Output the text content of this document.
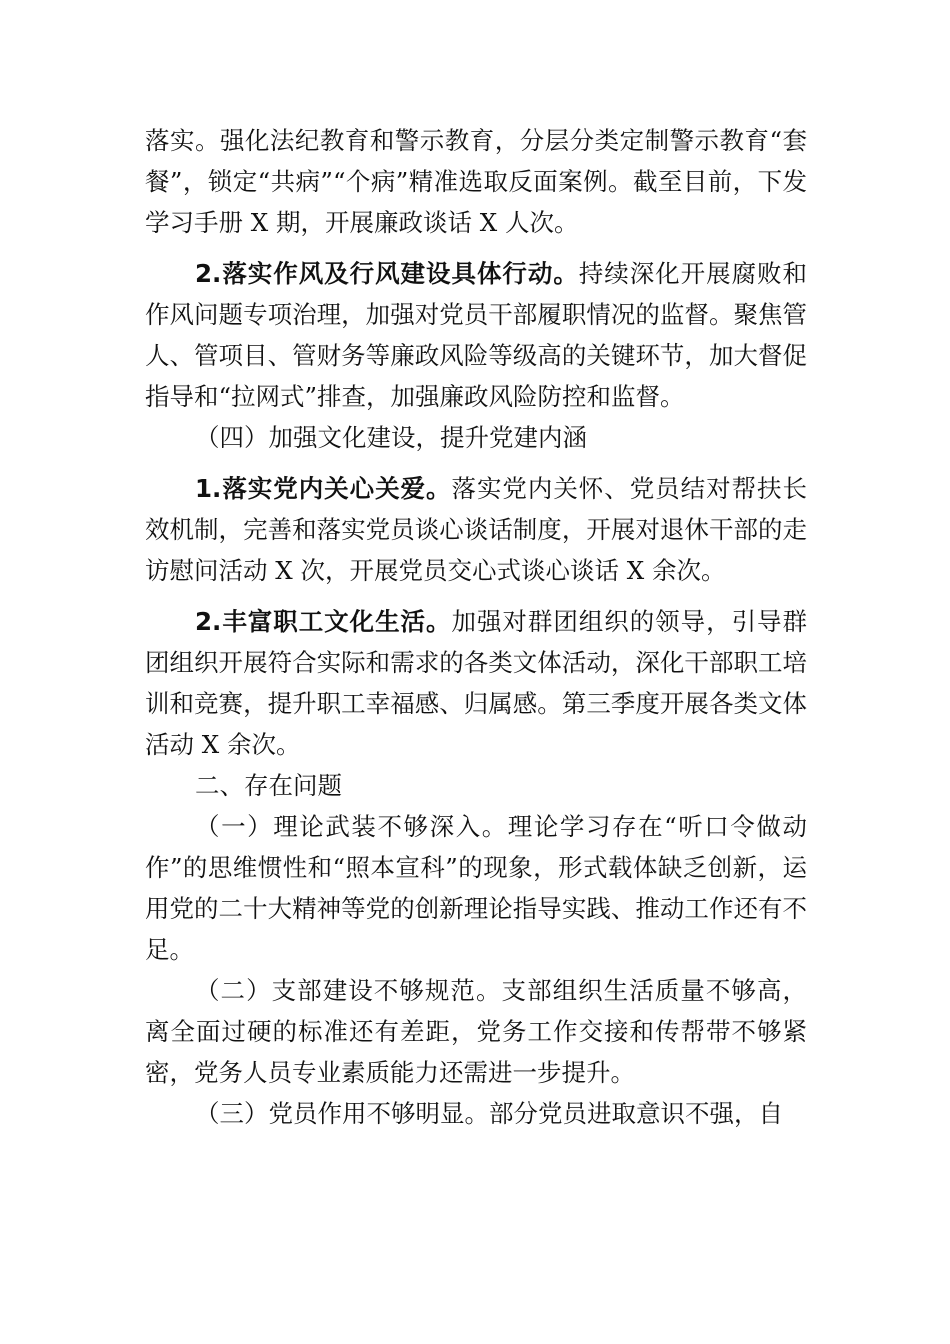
落实。强化法纪教育和警示教育，分层分类定制警示教育“套餐”，锁定“共病”“个病”精准选取反面案例。截至目前，下发学习手册 X 期，开展廉政谈话 X 人次。

2.落实作风及行风建设具体行动。持续深化开展腐败和作风问题专项治理，加强对党员干部履职情况的监督。聚焦管人、管项目、管财务等廉政风险等级高的关键环节，加大督促指导和“拉网式”排查，加强廉政风险防控和监督。

（四）加强文化建设，提升党建内涵

1.落实党内关心关爱。落实党内关怀、党员结对帮扶长效机制，完善和落实党员谈心谈话制度，开展对退休干部的走访慰问活动 X 次，开展党员交心式谈心谈话 X 余次。

2.丰富职工文化生活。加强对群团组织的领导，引导群团组织开展符合实际和需求的各类文体活动，深化干部职工培训和竞赛，提升职工幸福感、归属感。第三季度开展各类文体活动 X 余次。

二、存在问题

（一）理论武装不够深入。理论学习存在“听口令做动作”的思维惯性和“照本宣科”的现象，形式载体缺乏创新，运用党的二十大精神等党的创新理论指导实践、推动工作还有不足。

（二）支部建设不够规范。支部组织生活质量不够高，离全面过硬的标准还有差距，党务工作交接和传帮带不够紧密，党务人员专业素质能力还需进一步提升。

（三）党员作用不够明显。部分党员进取意识不强，自
